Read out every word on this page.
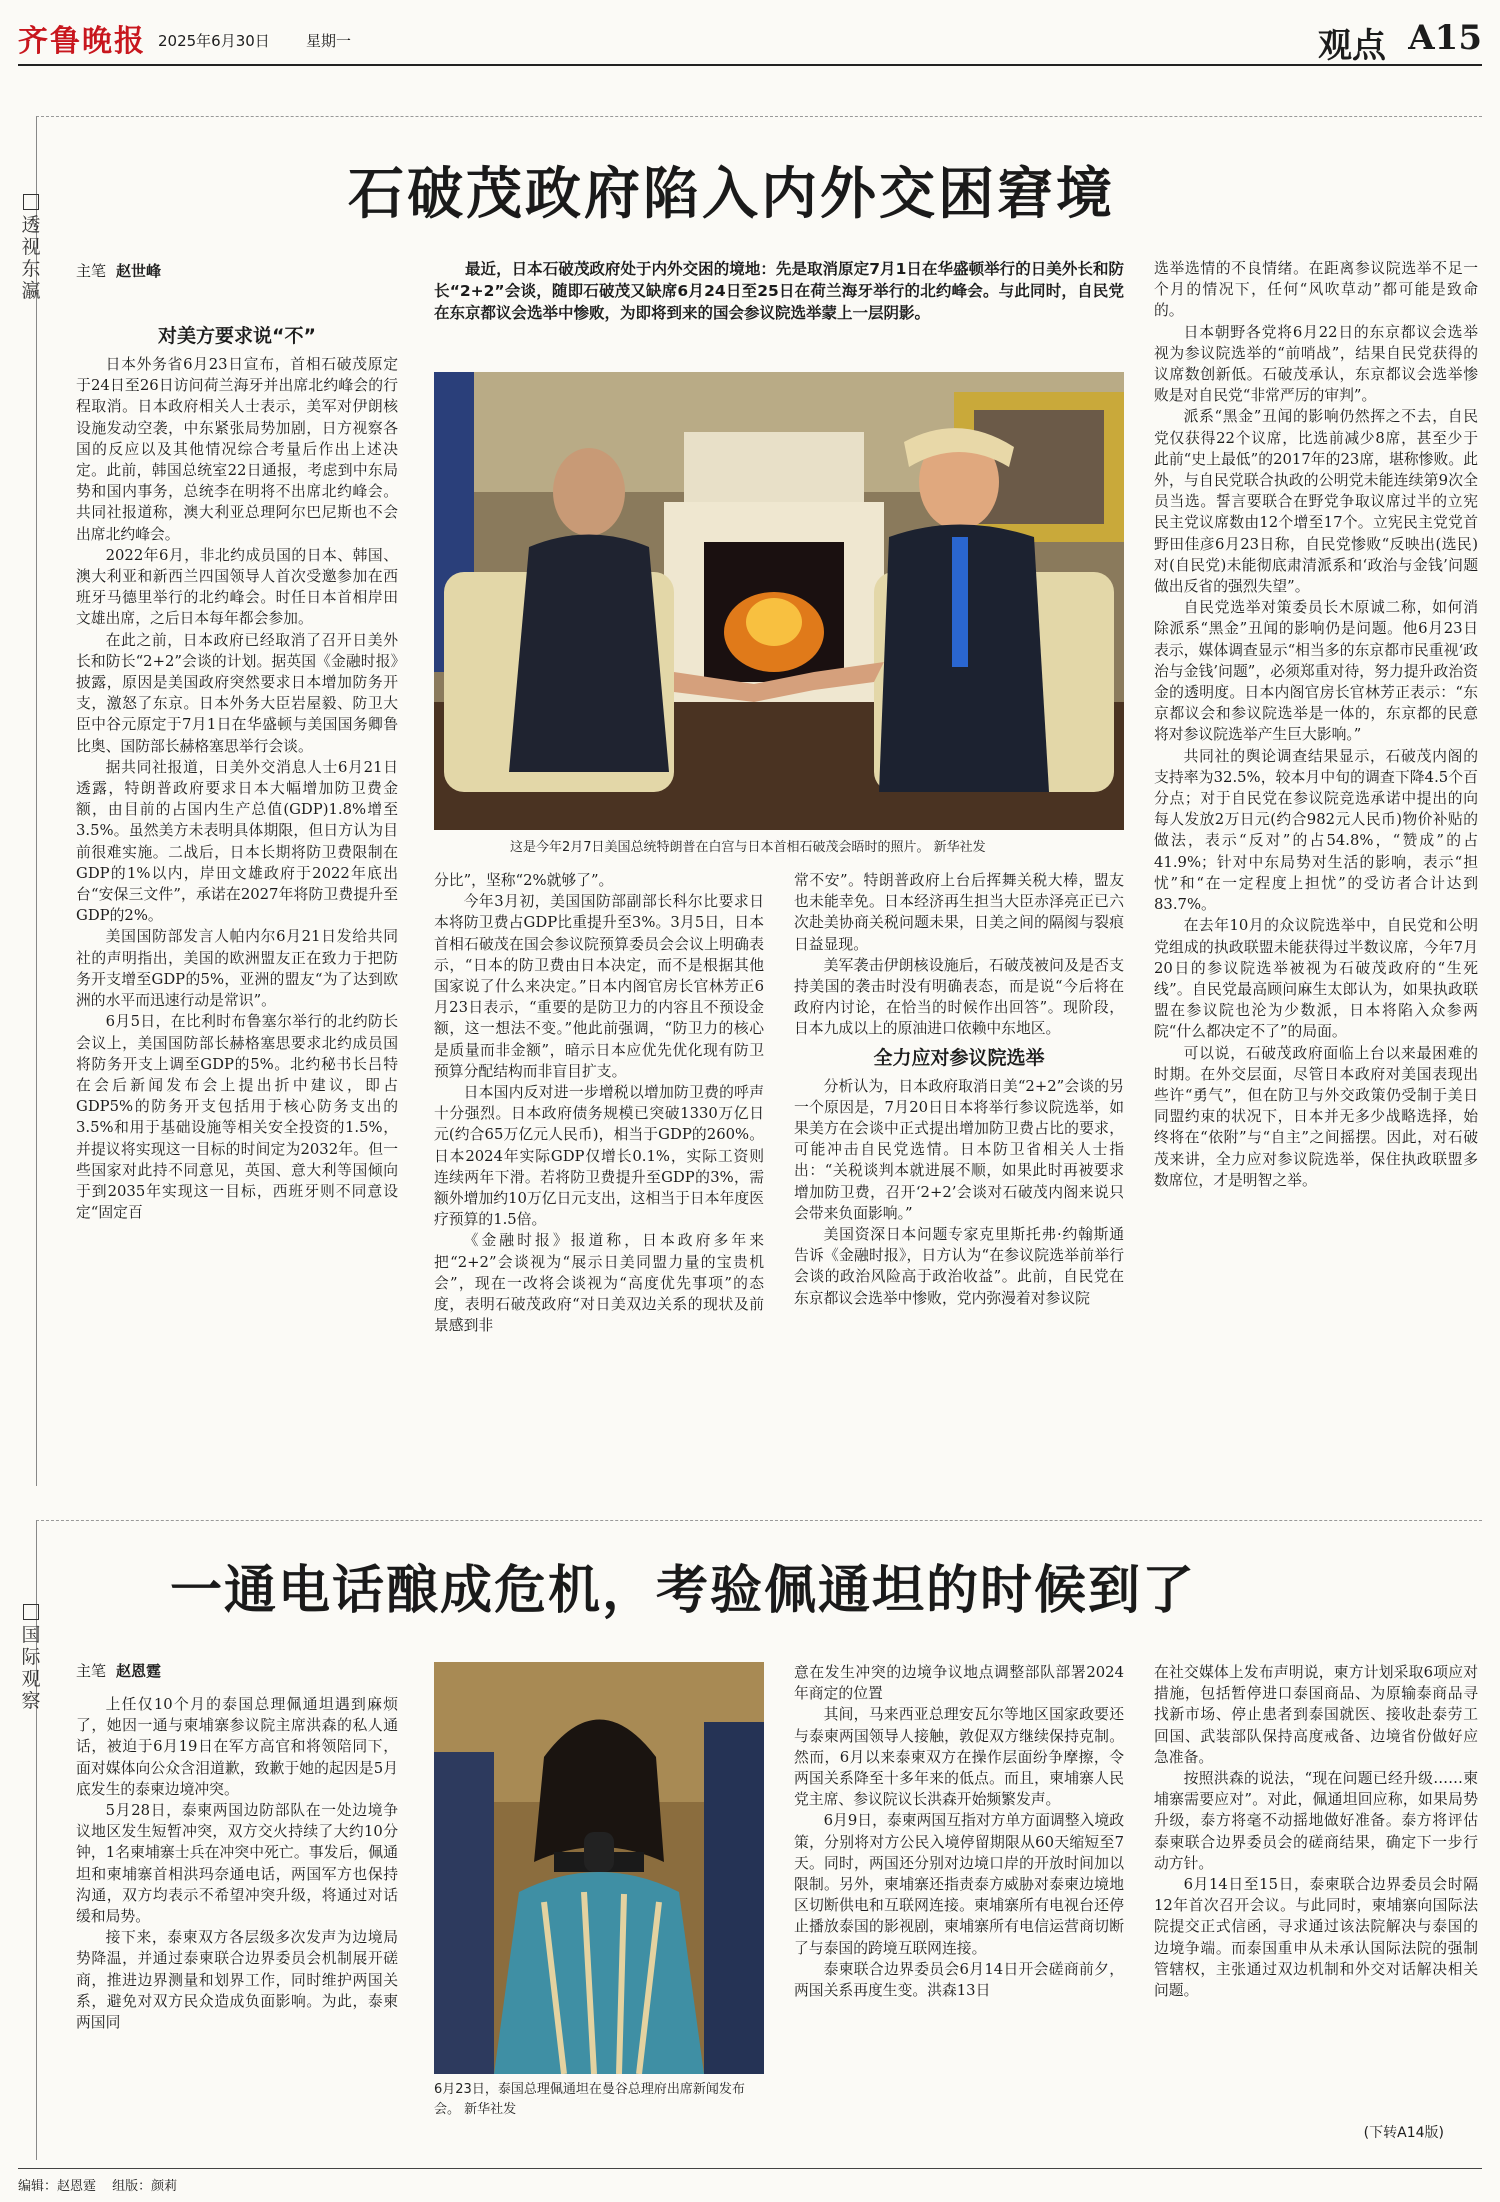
齐鲁晚报 2025年6月30日 星期一	观点 A15
透视东瀛
石破茂政府陷入内外交困窘境
主笔 赵世峰

对美方要求说“不”

日本外务省6月23日宣布，首相石破茂原定于24日至26日访问荷兰海牙并出席北约峰会的行程取消。日本政府相关人士表示，美军对伊朗核设施发动空袭，中东紧张局势加剧，日方视察各国的反应以及其他情况综合考量后作出上述决定。此前，韩国总统室22日通报，考虑到中东局势和国内事务，总统李在明将不出席北约峰会。共同社报道称，澳大利亚总理阿尔巴尼斯也不会出席北约峰会。

2022年6月，非北约成员国的日本、韩国、澳大利亚和新西兰四国领导人首次受邀参加在西班牙马德里举行的北约峰会。时任日本首相岸田文雄出席，之后日本每年都会参加。

在此之前，日本政府已经取消了召开日美外长和防长“2+2”会谈的计划。据英国《金融时报》披露，原因是美国政府突然要求日本增加防务开支，激怒了东京。日本外务大臣岩屋毅、防卫大臣中谷元原定于7月1日在华盛顿与美国国务卿鲁比奥、国防部长赫格塞思举行会谈。

据共同社报道，日美外交消息人士6月21日透露，特朗普政府要求日本大幅增加防卫费金额，由目前的占国内生产总值(GDP)1.8%增至3.5%。虽然美方未表明具体期限，但日方认为目前很难实施。二战后，日本长期将防卫费限制在GDP的1%以内，岸田文雄政府于2022年底出台“安保三文件”，承诺在2027年将防卫费提升至GDP的2%。

美国国防部发言人帕内尔6月21日发给共同社的声明指出，美国的欧洲盟友正在致力于把防务开支增至GDP的5%，亚洲的盟友“为了达到欧洲的水平而迅速行动是常识”。

6月5日，在比利时布鲁塞尔举行的北约防长会议上，美国国防部长赫格塞思要求北约成员国将防务开支上调至GDP的5%。北约秘书长吕特在会后新闻发布会上提出折中建议，即占GDP5%的防务开支包括用于核心防务支出的3.5%和用于基础设施等相关安全投资的1.5%，并提议将实现这一目标的时间定为2032年。但一些国家对此持不同意见，英国、意大利等国倾向于到2035年实现这一目标，西班牙则不同意设定“固定百

最近，日本石破茂政府处于内外交困的境地：先是取消原定7月1日在华盛顿举行的日美外长和防长“2+2”会谈，随即石破茂又缺席6月24日至25日在荷兰海牙举行的北约峰会。与此同时，自民党在东京都议会选举中惨败，为即将到来的国会参议院选举蒙上一层阴影。

这是今年2月7日美国总统特朗普在白宫与日本首相石破茂会晤时的照片。 新华社发

分比”，坚称“2%就够了”。

今年3月初，美国国防部副部长科尔比要求日本将防卫费占GDP比重提升至3%。3月5日，日本首相石破茂在国会参议院预算委员会会议上明确表示，“日本的防卫费由日本决定，而不是根据其他国家说了什么来决定。”日本内阁官房长官林芳正6月23日表示，“重要的是防卫力的内容且不预设金额，这一想法不变。”他此前强调，“防卫力的核心是质量而非金额”，暗示日本应优先优化现有防卫预算分配结构而非盲目扩支。

日本国内反对进一步增税以增加防卫费的呼声十分强烈。日本政府债务规模已突破1330万亿日元(约合65万亿元人民币)，相当于GDP的260%。日本2024年实际GDP仅增长0.1%，实际工资则连续两年下滑。若将防卫费提升至GDP的3%，需额外增加约10万亿日元支出，这相当于日本年度医疗预算的1.5倍。

《金融时报》报道称，日本政府多年来把“2+2”会谈视为“展示日美同盟力量的宝贵机会”，现在一改将会谈视为“高度优先事项”的态度，表明石破茂政府“对日美双边关系的现状及前景感到非

常不安”。特朗普政府上台后挥舞关税大棒，盟友也未能幸免。日本经济再生担当大臣赤泽亮正已六次赴美协商关税问题未果，日美之间的隔阂与裂痕日益显现。

美军袭击伊朗核设施后，石破茂被问及是否支持美国的袭击时没有明确表态，而是说“今后将在政府内讨论，在恰当的时候作出回答”。现阶段，日本九成以上的原油进口依赖中东地区。

全力应对参议院选举

分析认为，日本政府取消日美“2+2”会谈的另一个原因是，7月20日日本将举行参议院选举，如果美方在会谈中正式提出增加防卫费占比的要求，可能冲击自民党选情。日本防卫省相关人士指出：“关税谈判本就进展不顺，如果此时再被要求增加防卫费，召开‘2+2’会谈对石破茂内阁来说只会带来负面影响。”

美国资深日本问题专家克里斯托弗·约翰斯通告诉《金融时报》，日方认为“在参议院选举前举行会谈的政治风险高于政治收益”。此前，自民党在东京都议会选举中惨败，党内弥漫着对参议院

选举选情的不良情绪。在距离参议院选举不足一个月的情况下，任何“风吹草动”都可能是致命的。

日本朝野各党将6月22日的东京都议会选举视为参议院选举的“前哨战”，结果自民党获得的议席数创新低。石破茂承认，东京都议会选举惨败是对自民党“非常严厉的审判”。

派系“黑金”丑闻的影响仍然挥之不去，自民党仅获得22个议席，比选前减少8席，甚至少于此前“史上最低”的2017年的23席，堪称惨败。此外，与自民党联合执政的公明党未能连续第9次全员当选。誓言要联合在野党争取议席过半的立宪民主党议席数由12个增至17个。立宪民主党党首野田佳彦6月23日称，自民党惨败“反映出(选民)对(自民党)未能彻底肃清派系和‘政治与金钱’问题做出反省的强烈失望”。

自民党选举对策委员长木原诚二称，如何消除派系“黑金”丑闻的影响仍是问题。他6月23日表示，媒体调查显示“相当多的东京都市民重视‘政治与金钱’问题”，必须郑重对待，努力提升政治资金的透明度。日本内阁官房长官林芳正表示：“东京都议会和参议院选举是一体的，东京都的民意将对参议院选举产生巨大影响。”

共同社的舆论调查结果显示，石破茂内阁的支持率为32.5%，较本月中旬的调查下降4.5个百分点；对于自民党在参议院竞选承诺中提出的向每人发放2万日元(约合982元人民币)物价补贴的做法，表示“反对”的占54.8%，“赞成”的占41.9%；针对中东局势对生活的影响，表示“担忧”和“在一定程度上担忧”的受访者合计达到83.7%。

在去年10月的众议院选举中，自民党和公明党组成的执政联盟未能获得过半数议席，今年7月20日的参议院选举被视为石破茂政府的“生死线”。自民党最高顾问麻生太郎认为，如果执政联盟在参议院也沦为少数派，日本将陷入众参两院“什么都决定不了”的局面。

可以说，石破茂政府面临上台以来最困难的时期。在外交层面，尽管日本政府对美国表现出些许“勇气”，但在防卫与外交政策仍受制于美日同盟约束的状况下，日本并无多少战略选择，始终将在“依附”与“自主”之间摇摆。因此，对石破茂来讲，全力应对参议院选举，保住执政联盟多数席位，才是明智之举。

国际观察
一通电话酿成危机，考验佩通坦的时候到了
主笔 赵恩霆

上任仅10个月的泰国总理佩通坦遇到麻烦了，她因一通与柬埔寨参议院主席洪森的私人通话，被迫于6月19日在军方高官和将领陪同下，面对媒体向公众含泪道歉，致歉于她的起因是5月底发生的泰柬边境冲突。

5月28日，泰柬两国边防部队在一处边境争议地区发生短暂冲突，双方交火持续了大约10分钟，1名柬埔寨士兵在冲突中死亡。事发后，佩通坦和柬埔寨首相洪玛奈通电话，两国军方也保持沟通，双方均表示不希望冲突升级，将通过对话缓和局势。

接下来，泰柬双方各层级多次发声为边境局势降温，并通过泰柬联合边界委员会机制展开磋商，推进边界测量和划界工作，同时维护两国关系，避免对双方民众造成负面影响。为此，泰柬两国同

6月23日，泰国总理佩通坦在曼谷总理府出席新闻发布会。 新华社发

意在发生冲突的边境争议地点调整部队部署2024年商定的位置

其间，马来西亚总理安瓦尔等地区国家政要还与泰柬两国领导人接触，敦促双方继续保持克制。然而，6月以来泰柬双方在操作层面纷争摩擦，令两国关系降至十多年来的低点。而且，柬埔寨人民党主席、参议院议长洪森开始频繁发声。

6月9日，泰柬两国互指对方单方面调整入境政策，分别将对方公民入境停留期限从60天缩短至7天。同时，两国还分别对边境口岸的开放时间加以限制。另外，柬埔寨还指责泰方威胁对泰柬边境地区切断供电和互联网连接。柬埔寨所有电视台还停止播放泰国的影视剧，柬埔寨所有电信运营商切断了与泰国的跨境互联网连接。

泰柬联合边界委员会6月14日开会磋商前夕，两国关系再度生变。洪森13日

在社交媒体上发布声明说，柬方计划采取6项应对措施，包括暂停进口泰国商品、为原输泰商品寻找新市场、停止患者到泰国就医、接收赴泰劳工回国、武装部队保持高度戒备、边境省份做好应急准备。

按照洪森的说法，“现在问题已经升级……柬埔寨需要应对”。对此，佩通坦回应称，如果局势升级，泰方将毫不动摇地做好准备。泰方将评估泰柬联合边界委员会的磋商结果，确定下一步行动方针。

6月14日至15日，泰柬联合边界委员会时隔12年首次召开会议。与此同时，柬埔寨向国际法院提交正式信函，寻求通过该法院解决与泰国的边境争端。而泰国重申从未承认国际法院的强制管辖权，主张通过双边机制和外交对话解决相关问题。

(下转A14版)
编辑：赵恩霆 组版：颜莉
